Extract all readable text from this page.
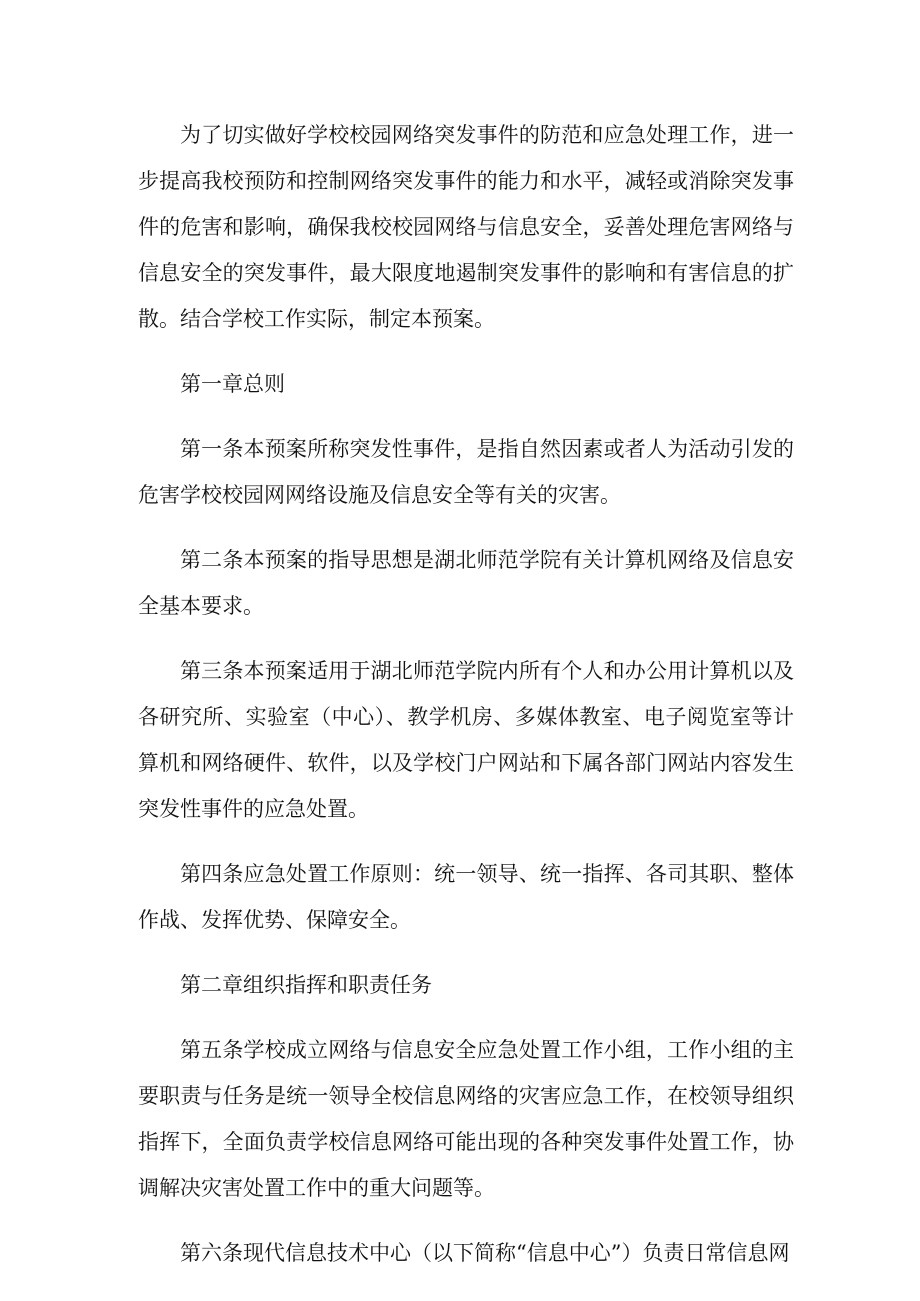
为了切实做好学校校园网络突发事件的防范和应急处理工作，进一步提高我校预防和控制网络突发事件的能力和水平，减轻或消除突发事件的危害和影响，确保我校校园网络与信息安全，妥善处理危害网络与信息安全的突发事件，最大限度地遏制突发事件的影响和有害信息的扩散。结合学校工作实际，制定本预案。

第一章总则

第一条本预案所称突发性事件，是指自然因素或者人为活动引发的危害学校校园网网络设施及信息安全等有关的灾害。

第二条本预案的指导思想是湖北师范学院有关计算机网络及信息安全基本要求。

第三条本预案适用于湖北师范学院内所有个人和办公用计算机以及各研究所、实验室（中心）、教学机房、多媒体教室、电子阅览室等计算机和网络硬件、软件，以及学校门户网站和下属各部门网站内容发生突发性事件的应急处置。

第四条应急处置工作原则：统一领导、统一指挥、各司其职、整体作战、发挥优势、保障安全。

第二章组织指挥和职责任务

第五条学校成立网络与信息安全应急处置工作小组，工作小组的主要职责与任务是统一领导全校信息网络的灾害应急工作，在校领导组织指挥下，全面负责学校信息网络可能出现的各种突发事件处置工作，协调解决灾害处置工作中的重大问题等。

第六条现代信息技术中心（以下简称“信息中心”）负责日常信息网
